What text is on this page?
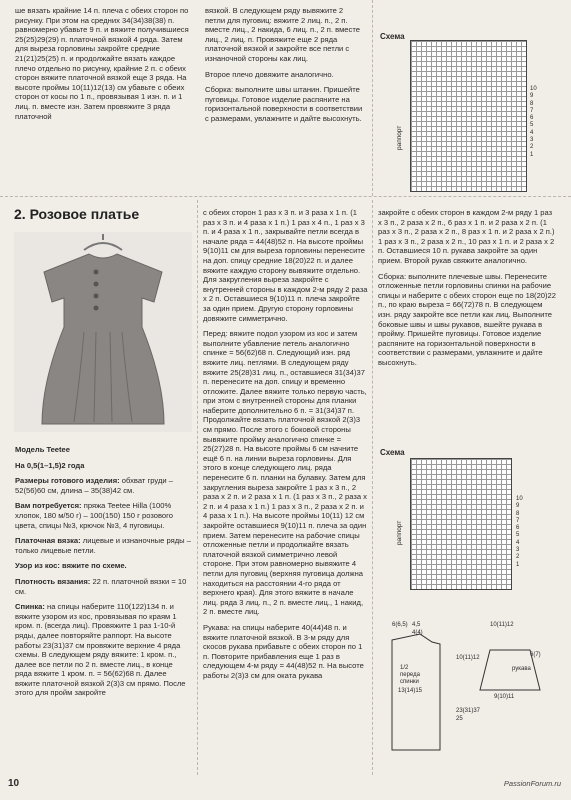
ше вязать крайние 14 п. плеча с обеих сторон по рисунку. При этом на средних 34(34)38(38) п. равномерно убавьте 9 п. и вяжите получившиеся 25(25)29(29) п. платочной вязкой 4 ряда. Затем для выреза горловины закройте средние 21(21)25(25) п. и продолжайте вязать каждое плечо отдельно по рисунку, крайние 2 п. с обеих сторон вяжите платочной вязкой еще 3 ряда. На высоте проймы 10(11)12(13) см убавьте с обеих сторон от косы по 1 п., провязывая 1 изн. п. и 1 лиц. п. вместе изн. Затем провяжите 3 ряда платочной

вязкой. В следующем ряду вывяжите 2 петли для пуговиц: вяжите 2 лиц. п., 2 п. вместе лиц., 2 накида, 6 лиц. п., 2 п. вместе лиц., 2 лиц. п. Провяжите еще 2 ряда платочной вязкой и закройте все петли с изнаночной стороны как лиц.

Второе плечо довяжите аналогично.

Сборка: выполните швы штанин. Пришейте пуговицы. Готовое изделие распяните на горизонтальной поверхности в соответствии с размерами, увлажните и дайте высохнуть.

Схема
раппорт
10
9
8
7
6
5
4
3
2
1
2. Розовое платье

Модель Teetee

На 0,5(1–1,5)2 года

Размеры готового изделия: обхват груди – 52(56)60 см, длина – 35(38)42 см.

Вам потребуется: пряжа Teetee Hilla (100% хлопок, 180 м/50 г) – 100(150) 150 г розового цвета, спицы №3, крючок №3, 4 пуговицы.

Платочная вязка: лицевые и изнаночные ряды – только лицевые петли.

Узор из кос: вяжите по схеме.

Плотность вязания: 22 п. платочной вязки = 10 см.

Спинка: на спицы наберите 110(122)134 п. и вяжите узором из кос, провязывая по краям 1 кром. п. (всегда лиц). Провяжите 1 раз 1-10-й ряды, далее повторяйте раппорт. На высоте работы 23(31)37 см провяжите верхние 4 ряда схемы. В следующем ряду вяжите: 1 кром. п., далее все петли по 2 п. вместе лиц., в конце ряда вяжите 1 кром. п. = 56(62)68 п. Далее вяжите платочной вязкой 2(3)3 см прямо. После этого для пройм закройте

с обеих сторон 1 раз x 3 п. и 3 раза x 1 п. (1 раз x 3 п. и 4 раза x 1 п.) 1 раз x 4 п., 1 раз x 3 п. и 4 раза x 1 п., закрывайте петли всегда в начале ряда = 44(48)52 п. На высоте проймы 9(10)11 см для выреза горловины перенесите на доп. спицу средние 18(20)22 п. и далее вяжите каждую сторону вывяжите отдельно. Для закругления выреза закройте с внутренней стороны в каждом 2-м ряду 2 раза x 2 п. Оставшиеся 9(10)11 п. плеча закройте за один прием. Другую сторону горловины довяжите симметрично.

Перед: вяжите подол узором из кос и затем выполните убавление петель аналогично спинке = 56(62)68 п. Следующий изн. ряд вяжите лиц. петлями. В следующем ряду вяжите 25(28)31 лиц. п., оставшиеся 31(34)37 п. перенесите на доп. спицу и временно отложите. Далее вяжите только первую часть, при этом с внутренней стороны для планки наберите дополнительно 6 п. = 31(34)37 п. Продолжайте вязать платочной вязкой 2(3)3 см прямо. После этого с боковой стороны вывяжите пройму аналогично спинке = 25(27)28 п. На высоте проймы 6 см начните ещё 6 п. на линии выреза горловины. Для этого в конце следующего лиц. ряда перенесите 6 п. планки на булавку. Затем для закругления выреза закройте 1 раз x 3 п., 2 раза x 2 п. и 2 раза x 1 п. (1 раз x 3 п., 2 раза x 2 п. и 4 раза x 1 п.) 1 раз x 3 п., 2 раза x 2 п. и 4 раза x 1 п.). На высоте проймы 10(11) 12 см закройте оставшиеся 9(10)11 п. плеча за один прием. Затем перенесите на рабочие спицы отложенные петли и продолжайте вязать платочной вязкой симметрично левой стороне. При этом равномерно вывяжите 4 петли для пуговиц (верхняя пуговица должна находиться на расстоянии 4-го ряда от верхнего края). Для этого вяжите в начале лиц. ряда 3 лиц. п., 2 п. вместе лиц., 1 накид, 2 п. вместе лиц.

Рукава: на спицы наберите 40(44)48 п. и вяжите платочной вязкой. В 3-м ряду для скосов рукава прибавьте с обеих сторон по 1 п. Повторите прибавления еще 1 раз в следующем 4-м ряду = 44(48)52 п. На высоте работы 2(3)3 см для оката рукава

закройте с обеих сторон в каждом 2-м ряду 1 раз x 3 п., 2 раза x 2 п., 6 раз x 1 п. и 2 раза x 2 п. (1 раз x 3 п., 2 раза x 2 п., 8 раз x 1 п. и 2 раза x 2 п.) 1 раз x 3 п., 2 раза x 2 п., 10 раз x 1 п. и 2 раза x 2 п. Оставшиеся 10 п. рукава закройте за один прием. Второй рукав свяжите аналогично.

Сборка: выполните плечевые швы. Перенесите отложенные петли горловины спинки на рабочие спицы и наберите с обеих сторон еще по 18(20)22 п., по краю выреза = 66(72)78 п. В следующем изн. ряду закройте все петли как лиц. Выполните боковые швы и швы рукавов, вшейте рукава в пройму. Пришейте пуговицы. Готовое изделие распяните на горизонтальной поверхности в соответствии с размерами, увлажните и дайте высохнуть.

Схема
раппорт
10
9
8
7
6
5
4
3
2
1
6(6,5) 4,5
4(4)
10(11)12
1/2
переда
спинки
13(14)15
23(31)37
25
10(11)12
рукава
6(7)
9(10)11
10	PassionForum.ru
